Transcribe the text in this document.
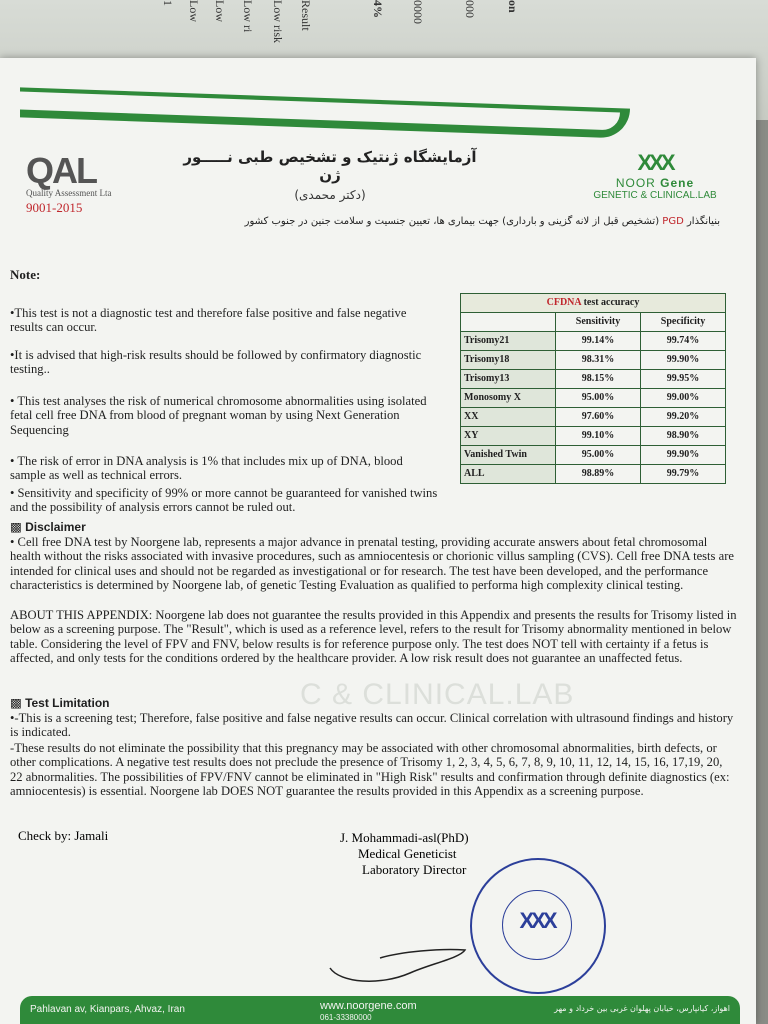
Result
Low risk
Low ri
Low
Low
1	4% 0000	000 on
QAL
Quality Assessment Lta
9001-2015
آزمایشگاه ژنتیک و تشخیص طبی نـــــور ژن
(دکتر محمدی)
XXX
NOOR Gene
GENETIC & CLINICAL.LAB
بنیانگذار PGD (تشخیص قبل از لانه گزینی و بارداری) جهت بیماری ها، تعیین جنسیت و سلامت جنین در جنوب کشور
Note:
•This test is not a diagnostic test and therefore false positive and false negative results can occur.
•It is advised that high-risk results should be followed by confirmatory diagnostic testing..
• This test analyses the risk of numerical chromosome abnormalities using isolated fetal cell free DNA from blood of pregnant woman by using Next Generation Sequencing
• The risk of error in DNA analysis is 1% that includes mix up of DNA, blood sample as well as technical errors.
• Sensitivity and specificity of 99% or more cannot be guaranteed for vanished twins and the possibility of analysis errors cannot be ruled out.
CFDNA test accuracy		
	Sensitivity	Specificity
Trisomy21	99.14%	99.74%
Trisomy18	98.31%	99.90%
Trisomy13	98.15%	99.95%
Monosomy X	95.00%	99.00%
XX	97.60%	99.20%
XY	99.10%	98.90%
Vanished Twin	95.00%	99.90%
ALL	98.89%	99.79%
▩ Disclaimer
• Cell free DNA test by Noorgene lab, represents a major advance in prenatal testing, providing accurate answers about fetal chromosomal health without the risks associated with invasive procedures, such as amniocentesis or chorionic villus sampling (CVS). Cell free DNA tests are intended for clinical uses and should not be regarded as investigational or for research. The test have been developed, and the performance characteristics is determined by Noorgene lab, of genetic Testing Evaluation as qualified to performa high complexity clinical testing.
ABOUT THIS APPENDIX: Noorgene lab does not guarantee the results provided in this Appendix and presents the results for Trisomy listed in below as a screening purpose. The "Result", which is used as a reference level, refers to the result for Trisomy abnormality mentioned in below table. Considering the level of FPV and FNV, below results is for reference purpose only. The test does NOT tell with certainty if a fetus is affected, and only tests for the conditions ordered by the healthcare provider. A low risk result does not guarantee an unaffected fetus.
▩ Test Limitation
•-This is a screening test; Therefore, false positive and false negative results can occur. Clinical correlation with ultrasound findings and history is indicated.
-These results do not eliminate the possibility that this pregnancy may be associated with other chromosomal abnormalities, birth defects, or other complications. A negative test results does not preclude the presence of Trisomy 1, 2, 3, 4, 5, 6, 7, 8, 9, 10, 11, 12, 14, 15, 16, 17,19, 20, 22 abnormalities. The possibilities of FPV/FNV cannot be eliminated in "High Risk" results and confirmation through definite diagnostics (ex: amniocentesis) is essential. Noorgene lab DOES NOT guarantee the results provided in this Appendix as a screening purpose.
C & CLINICAL.LAB
Check by: Jamali	J. Mohammadi-asl(PhD)
Medical Geneticist
Laboratory Director
XXX
Pahlavan av, Kianpars, Ahvaz, Iran	www.noorgene.com
061-33380000
اهواز، کیانپارس، خیابان پهلوان غربی بین خرداد و مهر
